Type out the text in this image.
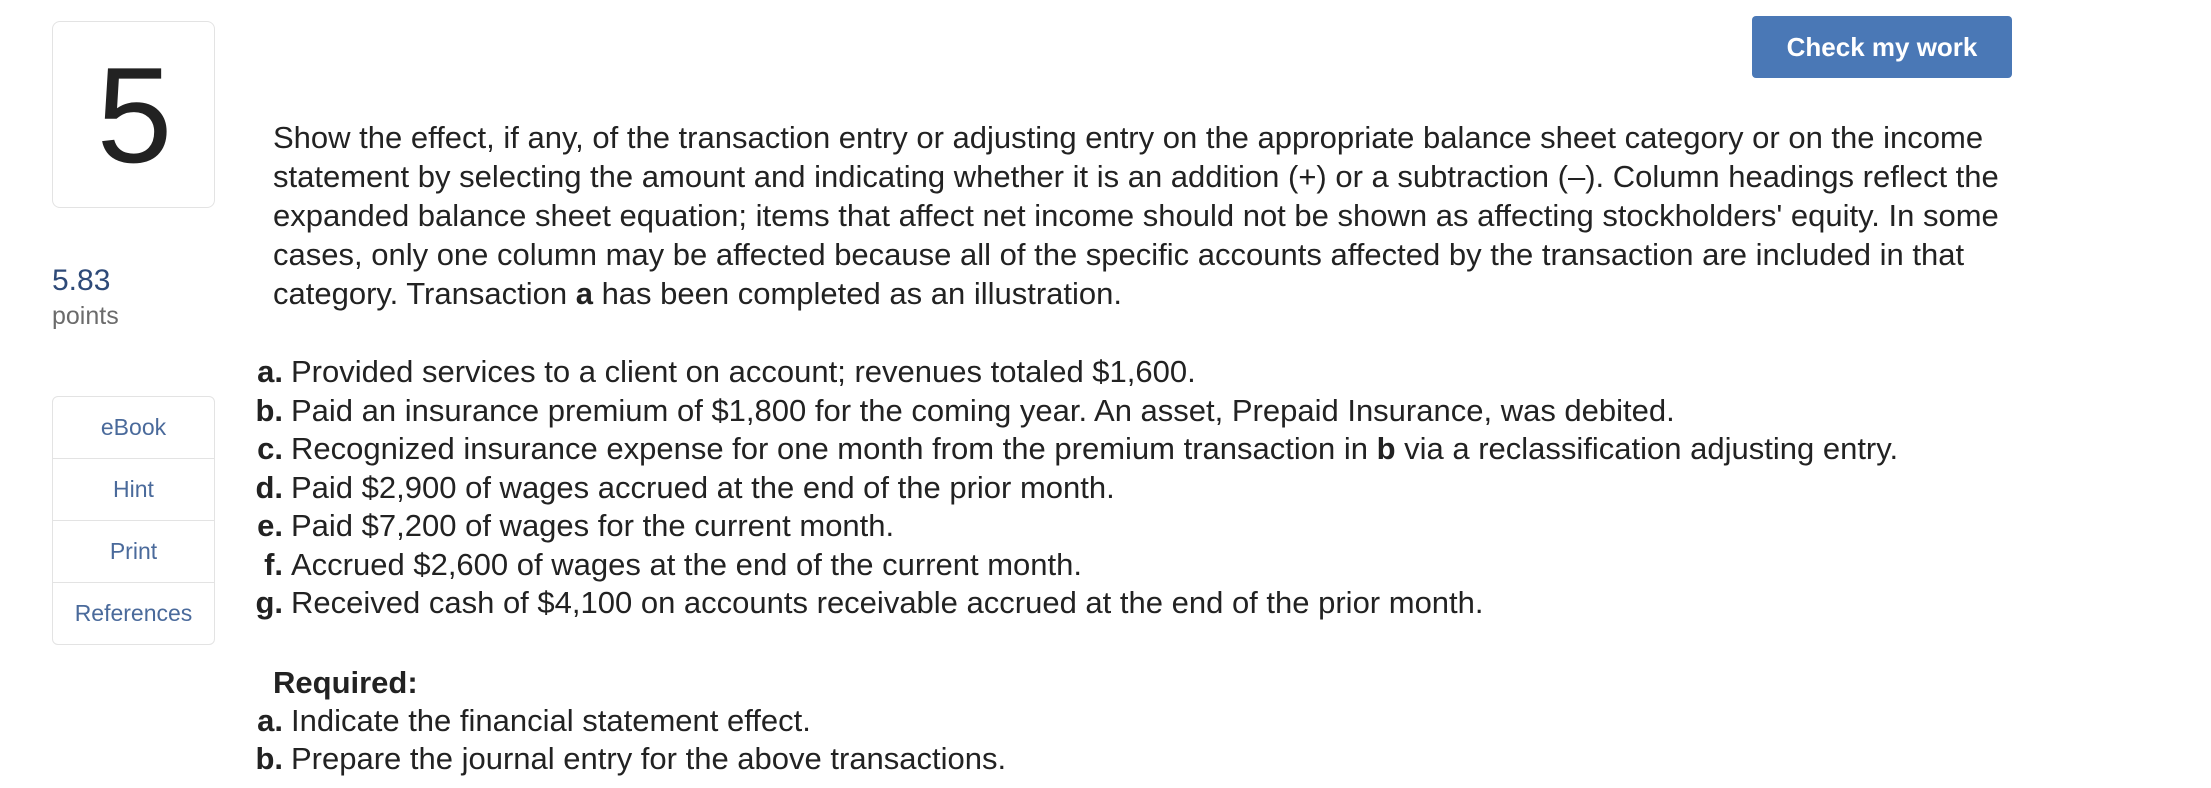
5
5.83
points
eBook
Hint
Print
References
Check my work

Show the effect, if any, of the transaction entry or adjusting entry on the appropriate balance sheet category or on the income statement by selecting the amount and indicating whether it is an addition (+) or a subtraction (–). Column headings reflect the expanded balance sheet equation; items that affect net income should not be shown as affecting stockholders' equity. In some cases, only one column may be affected because all of the specific accounts affected by the transaction are included in that category. Transaction a has been completed as an illustration.

a. Provided services to a client on account; revenues totaled $1,600.
b. Paid an insurance premium of $1,800 for the coming year. An asset, Prepaid Insurance, was debited.
c. Recognized insurance expense for one month from the premium transaction in b via a reclassification adjusting entry.
d. Paid $2,900 of wages accrued at the end of the prior month.
e. Paid $7,200 of wages for the current month.
f. Accrued $2,600 of wages at the end of the current month.
g. Received cash of $4,100 on accounts receivable accrued at the end of the prior month.
Required:
a. Indicate the financial statement effect.
b. Prepare the journal entry for the above transactions.
